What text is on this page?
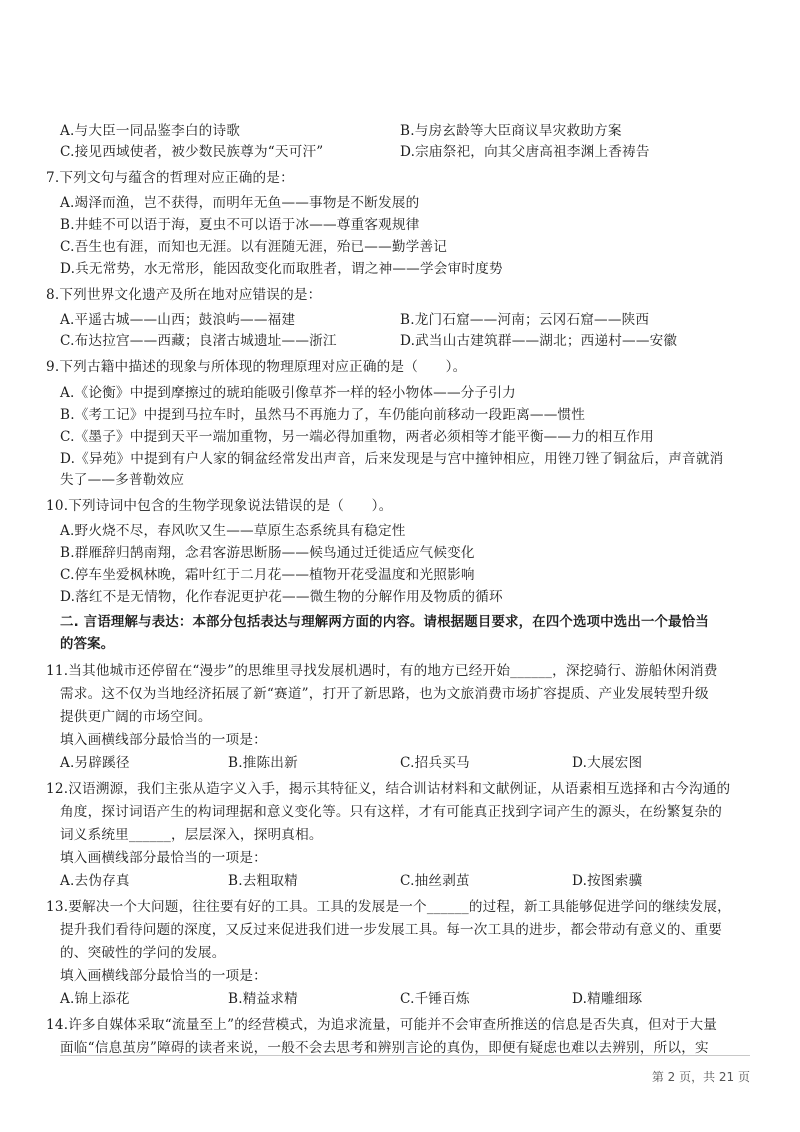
A.与大臣一同品鉴李白的诗歌	B.与房玄龄等大臣商议旱灾救助方案
C.接见西域使者，被少数民族尊为“天可汗”	D.宗庙祭祀，向其父唐高祖李渊上香祷告
7.下列文句与蕴含的哲理对应正确的是：
A.竭泽而渔，岂不获得，而明年无鱼——事物是不断发展的
B.井蛙不可以语于海，夏虫不可以语于冰——尊重客观规律
C.吾生也有涯，而知也无涯。以有涯随无涯，殆已——勤学善记
D.兵无常势，水无常形，能因敌变化而取胜者，谓之神——学会审时度势
8.下列世界文化遗产及所在地对应错误的是：
A.平遥古城——山西；鼓浪屿——福建	B.龙门石窟——河南；云冈石窟——陕西
C.布达拉宫——西藏；良渚古城遗址——浙江	D.武当山古建筑群——湖北；西递村——安徽
9.下列古籍中描述的现象与所体现的物理原理对应正确的是（　　）。
A.《论衡》中提到摩擦过的琥珀能吸引像草芥一样的轻小物体——分子引力
B.《考工记》中提到马拉车时，虽然马不再施力了，车仍能向前移动一段距离——惯性
C.《墨子》中提到天平一端加重物，另一端必得加重物，两者必须相等才能平衡——力的相互作用
D.《异苑》中提到有户人家的铜盆经常发出声音，后来发现是与宫中撞钟相应，用锉刀锉了铜盆后，声音就消
失了——多普勒效应
10.下列诗词中包含的生物学现象说法错误的是（　　）。
A.野火烧不尽，春风吹又生——草原生态系统具有稳定性
B.群雁辞归鹄南翔，念君客游思断肠——候鸟通过迁徙适应气候变化
C.停车坐爱枫林晚，霜叶红于二月花——植物开花受温度和光照影响
D.落红不是无情物，化作春泥更护花——微生物的分解作用及物质的循环
二. 言语理解与表达：本部分包括表达与理解两方面的内容。请根据题目要求，在四个选项中选出一个最恰当
的答案。
11.当其他城市还停留在“漫步”的思维里寻找发展机遇时，有的地方已经开始______，深挖骑行、游船休闲消费
需求。这不仅为当地经济拓展了新“赛道”，打开了新思路，也为文旅消费市场扩容提质、产业发展转型升级
提供更广阔的市场空间。
填入画横线部分最恰当的一项是：
A.另辟蹊径	B.推陈出新	C.招兵买马	D.大展宏图
12.汉语溯源，我们主张从造字义入手，揭示其特征义，结合训诂材料和文献例证，从语素相互选择和古今沟通的
角度，探讨词语产生的构词理据和意义变化等。只有这样，才有可能真正找到字词产生的源头，在纷繁复杂的
词义系统里______，层层深入，探明真相。
填入画横线部分最恰当的一项是：
A.去伪存真	B.去粗取精	C.抽丝剥茧	D.按图索骥
13.要解决一个大问题，往往要有好的工具。工具的发展是一个______的过程，新工具能够促进学问的继续发展，
提升我们看待问题的深度，又反过来促进我们进一步发展工具。每一次工具的进步，都会带动有意义的、重要
的、突破性的学问的发展。
填入画横线部分最恰当的一项是：
A.锦上添花	B.精益求精	C.千锤百炼	D.精雕细琢
14.许多自媒体采取“流量至上”的经营模式，为追求流量，可能并不会审查所推送的信息是否失真，但对于大量
面临“信息茧房”障碍的读者来说，一般不会去思考和辨别言论的真伪，即便有疑虑也难以去辨别，所以，实
第 2 页，共 21 页
